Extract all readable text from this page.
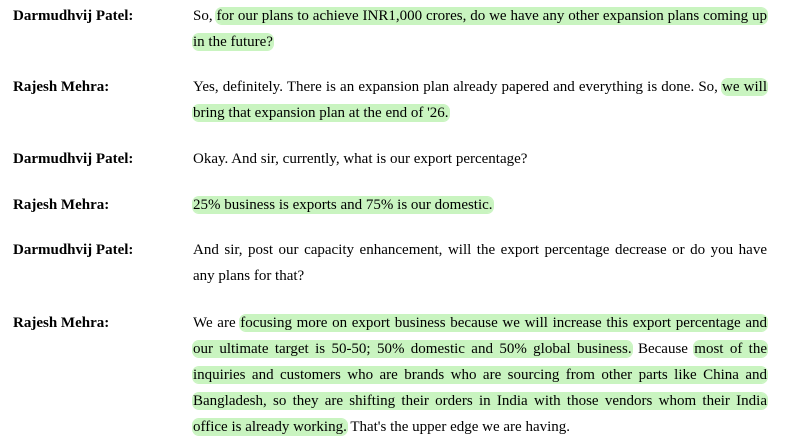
Darmudhvij Patel:	So, for our plans to achieve INR1,000 crores, do we have any other expansion plans coming up in the future?
Rajesh Mehra:	Yes, definitely. There is an expansion plan already papered and everything is done. So, we will bring that expansion plan at the end of '26.
Darmudhvij Patel:	Okay. And sir, currently, what is our export percentage?
Rajesh Mehra:	25% business is exports and 75% is our domestic.
Darmudhvij Patel:	And sir, post our capacity enhancement, will the export percentage decrease or do you have any plans for that?
Rajesh Mehra:	We are focusing more on export business because we will increase this export percentage and our ultimate target is 50-50; 50% domestic and 50% global business. Because most of the inquiries and customers who are brands who are sourcing from other parts like China and Bangladesh, so they are shifting their orders in India with those vendors whom their India office is already working. That's the upper edge we are having.
